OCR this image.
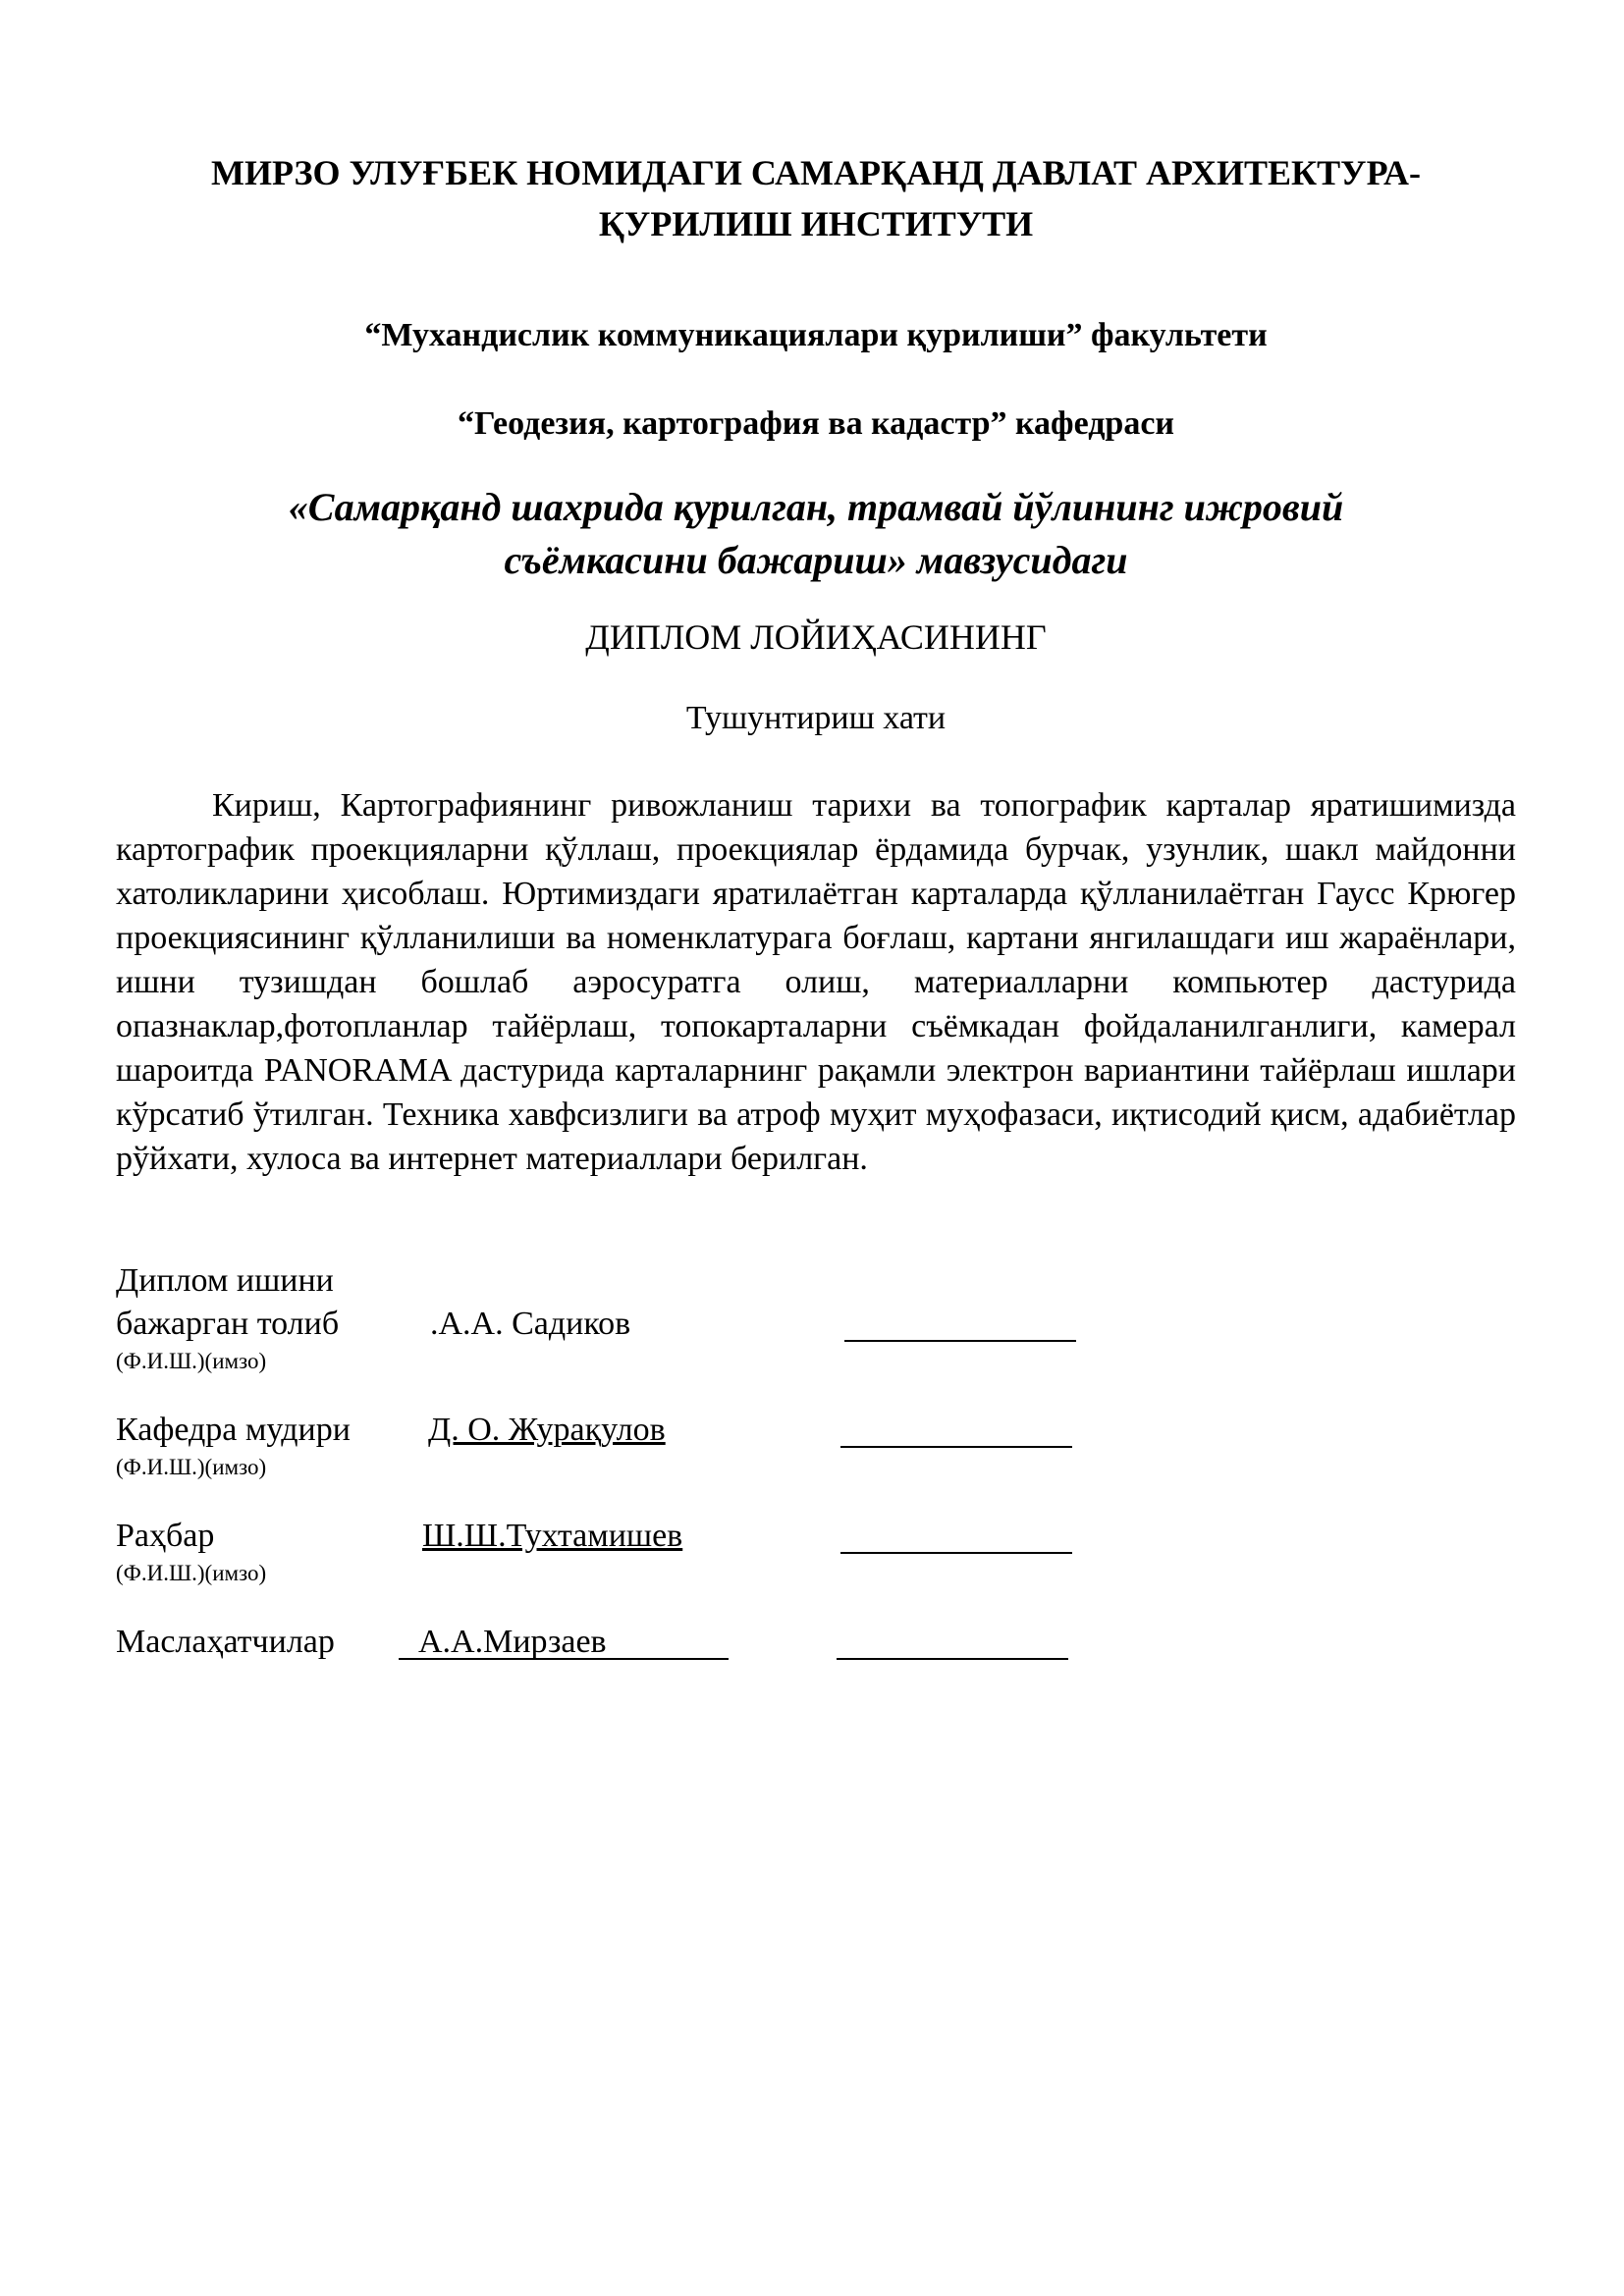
МИРЗО УЛУҒБЕК НОМИДАГИ САМАРҚАНД ДАВЛАТ АРХИТЕКТУРА-
ҚУРИЛИШ ИНСТИТУТИ

“Мухандислик коммуникациялари қурилиши” факультети

“Геодезия, картография ва кадастр” кафедраси

«Самарқанд шахрида қурилган, трамвай йўлининг ижровий
съёмкасини бажариш» мавзусидаги

ДИПЛОМ ЛОЙИҲАСИНИНГ

Тушунтириш хати

Кириш, Картографиянинг ривожланиш тарихи ва топографик карталар яратишимизда картографик проекцияларни қўллаш, проекциялар ёрдамида бурчак, узунлик, шакл майдонни хатоликларини ҳисоблаш. Юртимиздаги яратилаётган карталарда қўлланилаётган Гаусс Крюгер проекциясининг қўлланилиши ва номенклатурага боғлаш, картани янгилашдаги иш жараёнлари, ишни тузишдан бошлаб аэросуратга олиш, материалларни компьютер дастурида опазнаклар,фотопланлар тайёрлаш, топокарталарни съёмкадан фойдаланилганлиги, камерал шароитда PANORAMA дастурида карталарнинг рақамли электрон вариантини тайёрлаш ишлари кўрсатиб ўтилган. Техника хавфсизлиги ва атроф муҳит муҳофазаси, иқтисодий қисм, адабиётлар рўйхати, хулоса ва интернет материаллари берилган.

Диплом ишини
бажарган толиб	.А.А. Садиков
(Ф.И.Ш.)(имзо)
Кафедра мудири Д. О. Журақулов
(Ф.И.Ш.)(имзо)
Раҳбар	Ш.Ш.Тухтамишев
(Ф.И.Ш.)(имзо)
Маслаҳатчилар	А.А.Мирзаев
